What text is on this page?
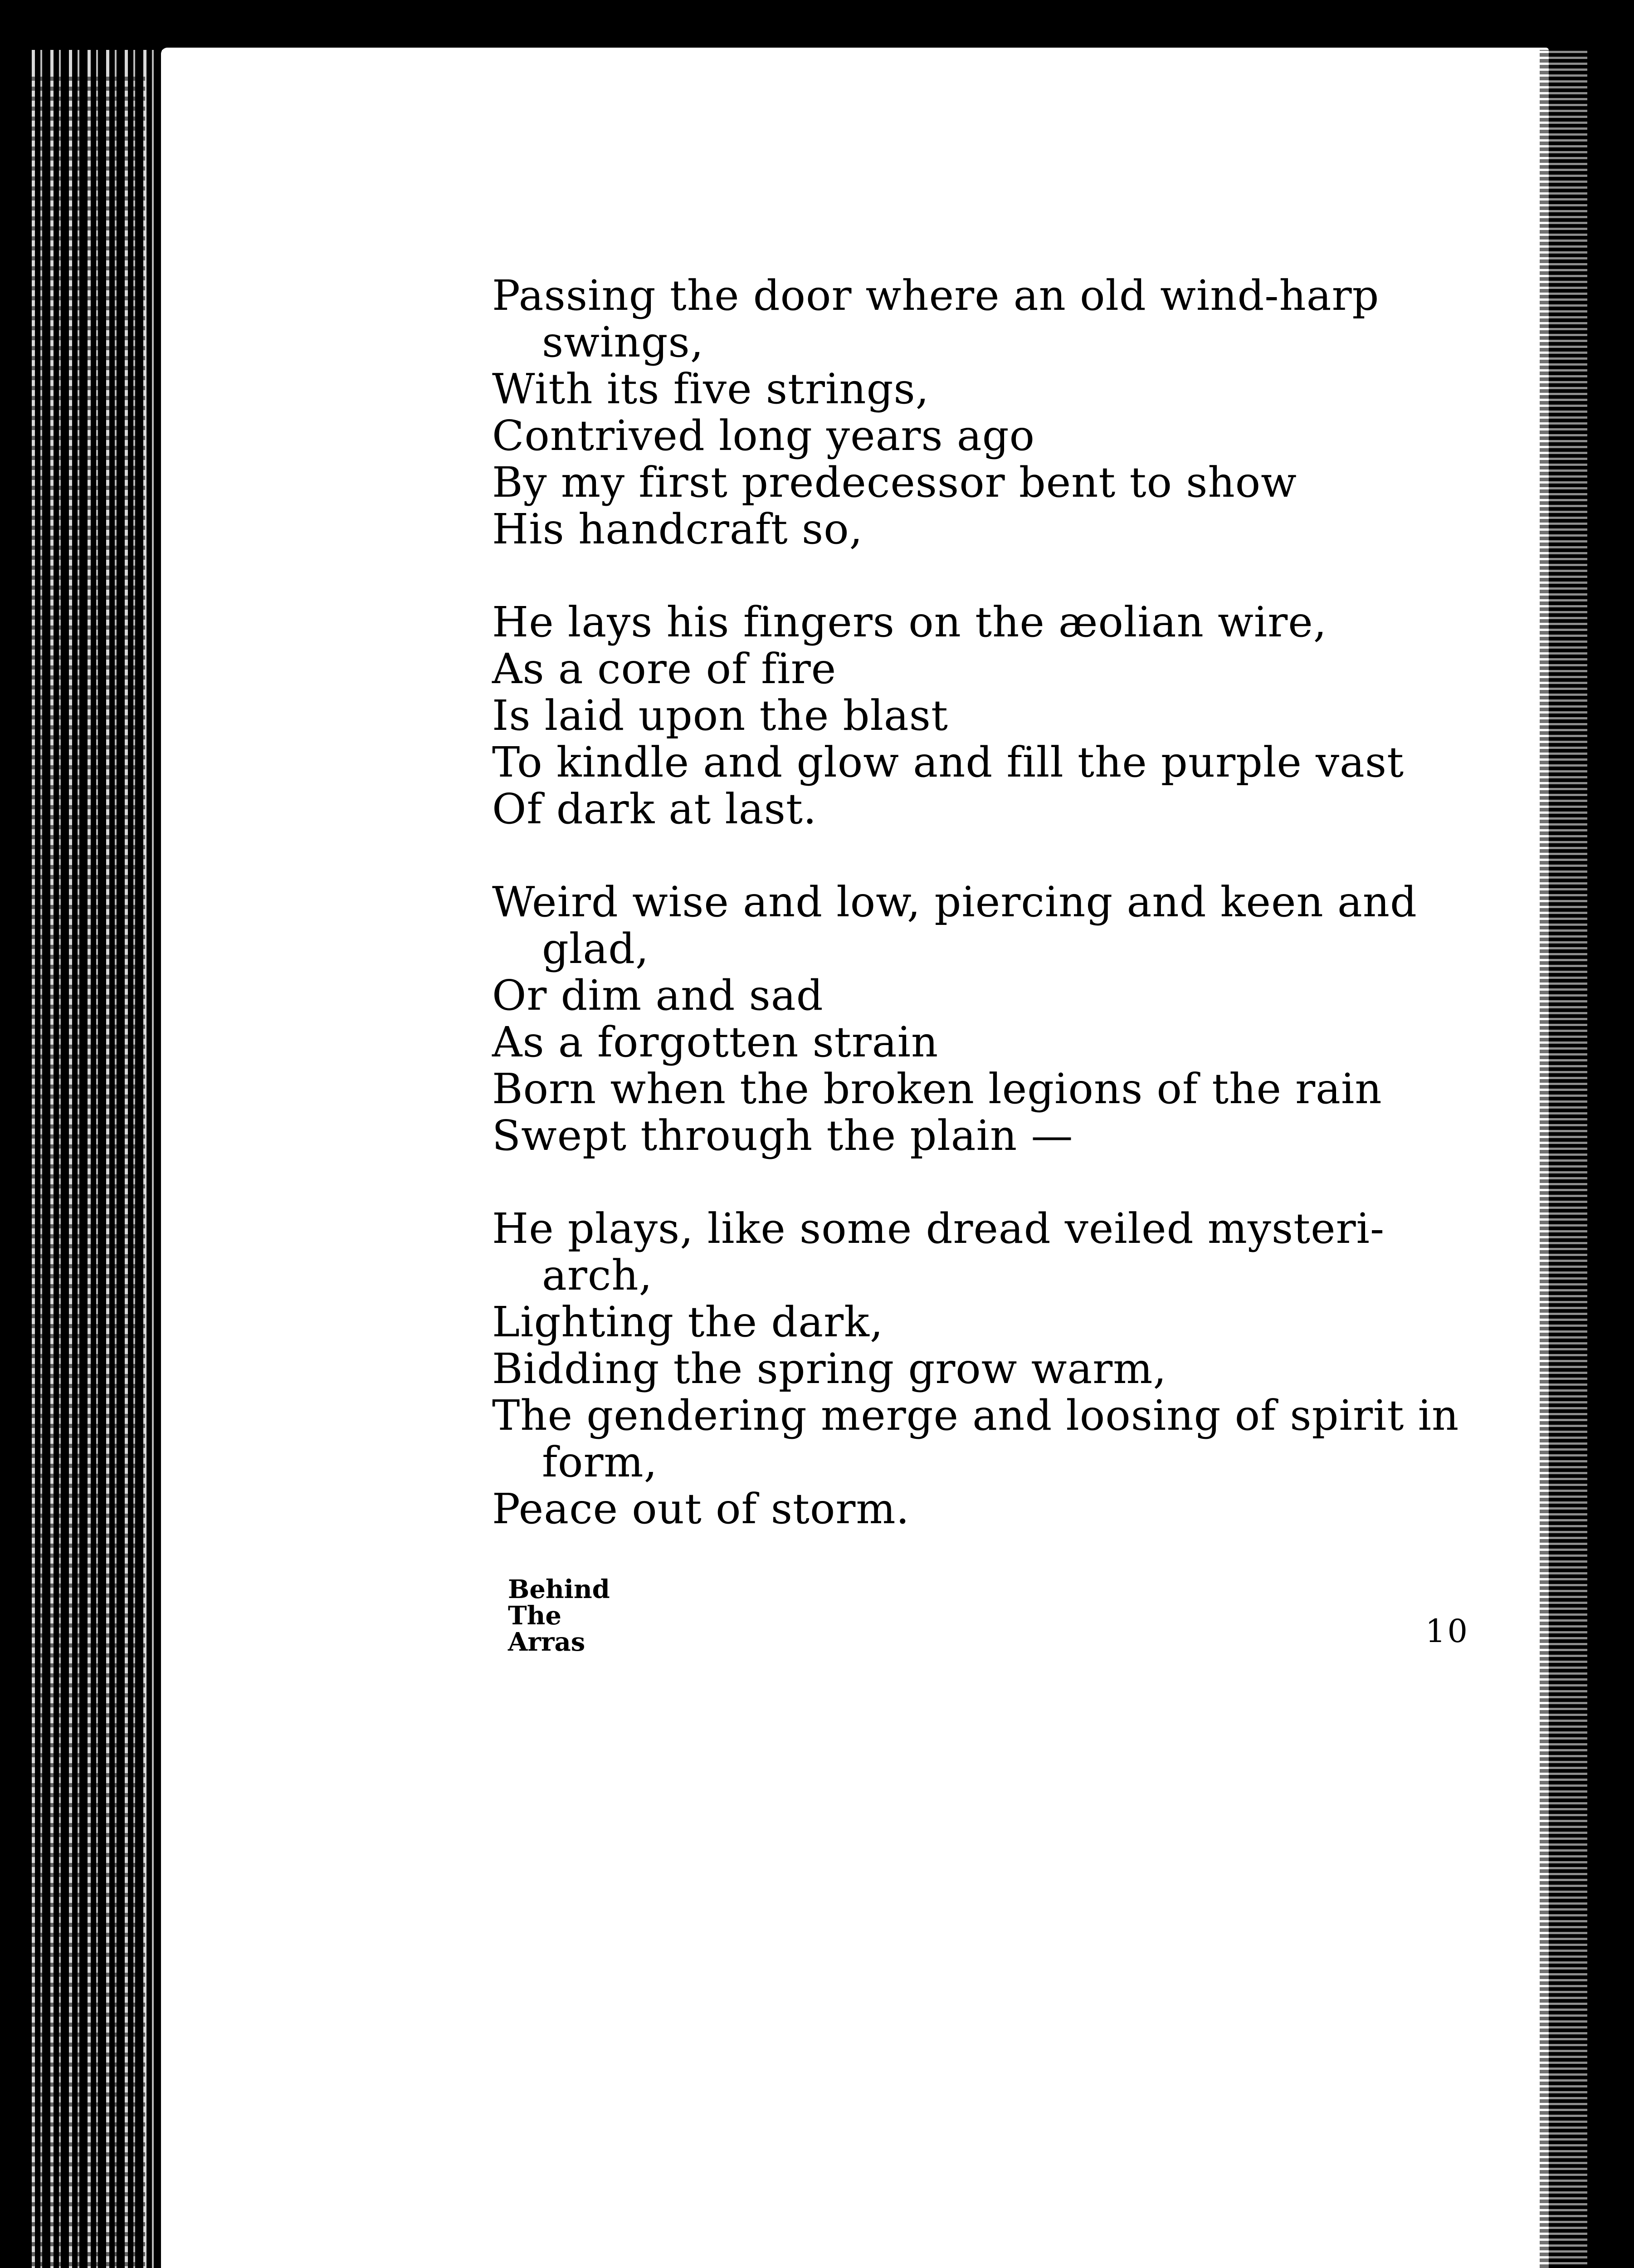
Passing the door where an old wind-harp
swings,
With its five strings,
Contrived long years ago
By my first predecessor bent to show
His handcraft so,
He lays his fingers on the æolian wire,
As a core of fire
Is laid upon the blast
To kindle and glow and fill the purple vast
Of dark at last.
Weird wise and low, piercing and keen and
glad,
Or dim and sad
As a forgotten strain
Born when the broken legions of the rain
Swept through the plain —
He plays, like some dread veiled mysteri-
arch,
Lighting the dark,
Bidding the spring grow warm,
The gendering merge and loosing of spirit in
form,
Peace out of storm.
Behind
The
Arras	10
